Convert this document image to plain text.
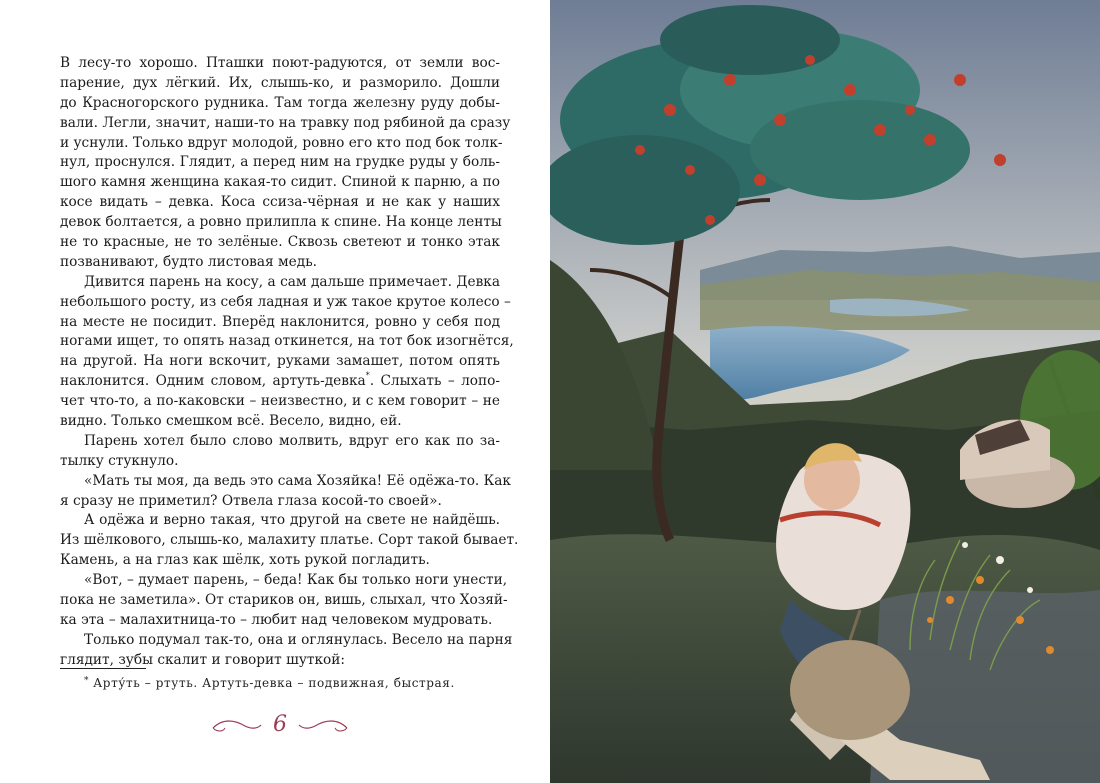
В лесу-то хорошо. Пташки поют-радуются, от земли вос-
парение, дух лёгкий. Их, слышь-ко, и разморило. Дошли
до Красногорского рудника. Там тогда железну руду добы-
вали. Легли, значит, наши-то на травку под рябиной да сразу
и уснули. Только вдруг молодой, ровно его кто под бок толк-
нул, проснулся. Глядит, а перед ним на грудке руды у боль-
шого камня женщина какая-то сидит. Спиной к парню, а по
косе видать – девка. Коса ссиза-чёрная и не как у наших
девок болтается, а ровно прилипла к спине. На конце ленты
не то красные, не то зелёные. Сквозь светеют и тонко этак
позванивают, будто листовая медь.
Дивится парень на косу, а сам дальше примечает. Девка
небольшого росту, из себя ладная и уж такое крутое колесо –
на месте не посидит. Вперёд наклонится, ровно у себя под
ногами ищет, то опять назад откинется, на тот бок изогнётся,
на другой. На ноги вскочит, руками замашет, потом опять
наклонится. Одним словом, артуть-девка*. Слыхать – лопо-
чет что-то, а по-каковски – неизвестно, и с кем говорит – не
видно. Только смешком всё. Весело, видно, ей.
Парень хотел было слово молвить, вдруг его как по за-
тылку стукнуло.
«Мать ты моя, да ведь это сама Хозяйка! Её одёжа-то. Как
я сразу не приметил? Отвела глаза косой-то своей».
А одёжа и верно такая, что другой на свете не найдёшь.
Из шёлкового, слышь-ко, малахиту платье. Сорт такой бывает.
Камень, а на глаз как шёлк, хоть рукой погладить.
«Вот, – думает парень, – беда! Как бы только ноги унести,
пока не заметила». От стариков он, вишь, слыхал, что Хозяй-
ка эта – малахитница-то – любит над человеком мудровать.
Только подумал так-то, она и оглянулась. Весело на парня
глядит, зубы скалит и говорит шуткой:
* Арту́ть – ртуть. Артуть-девка – подвижная, быстрая.
6
